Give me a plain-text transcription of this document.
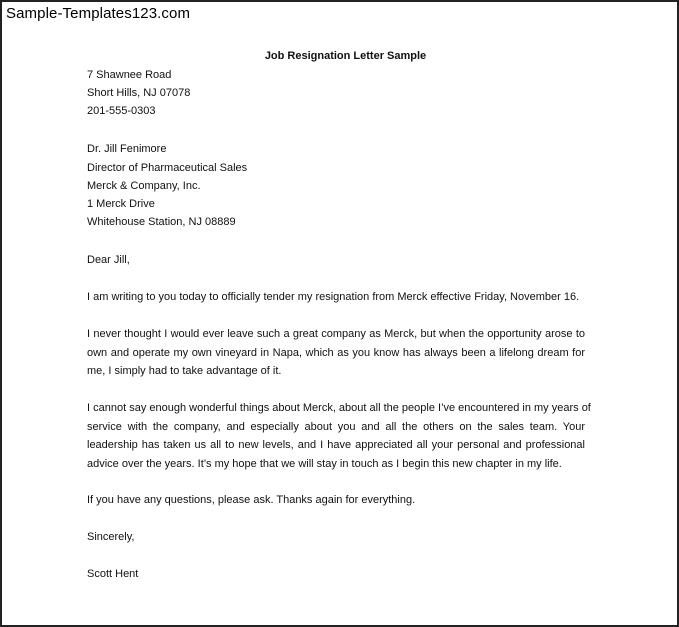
Sample-Templates123.com
Job Resignation Letter Sample
7 Shawnee Road
Short Hills, NJ 07078
201-555-0303
Dr. Jill Fenimore
Director of Pharmaceutical Sales
Merck & Company, Inc.
1 Merck Drive
Whitehouse Station, NJ 08889
Dear Jill,
I am writing to you today to officially tender my resignation from Merck effective Friday, November 16.
I never thought I would ever leave such a great company as Merck, but when the opportunity arose to
own and operate my own vineyard in Napa, which as you know has always been a lifelong dream for
me, I simply had to take advantage of it.
I cannot say enough wonderful things about Merck, about all the people I’ve encountered in my years of
service with the company, and especially about you and all the others on the sales team. Your
leadership has taken us all to new levels, and I have appreciated all your personal and professional
advice over the years. It’s my hope that we will stay in touch as I begin this new chapter in my life.
If you have any questions, please ask. Thanks again for everything.
Sincerely,
Scott Hent
